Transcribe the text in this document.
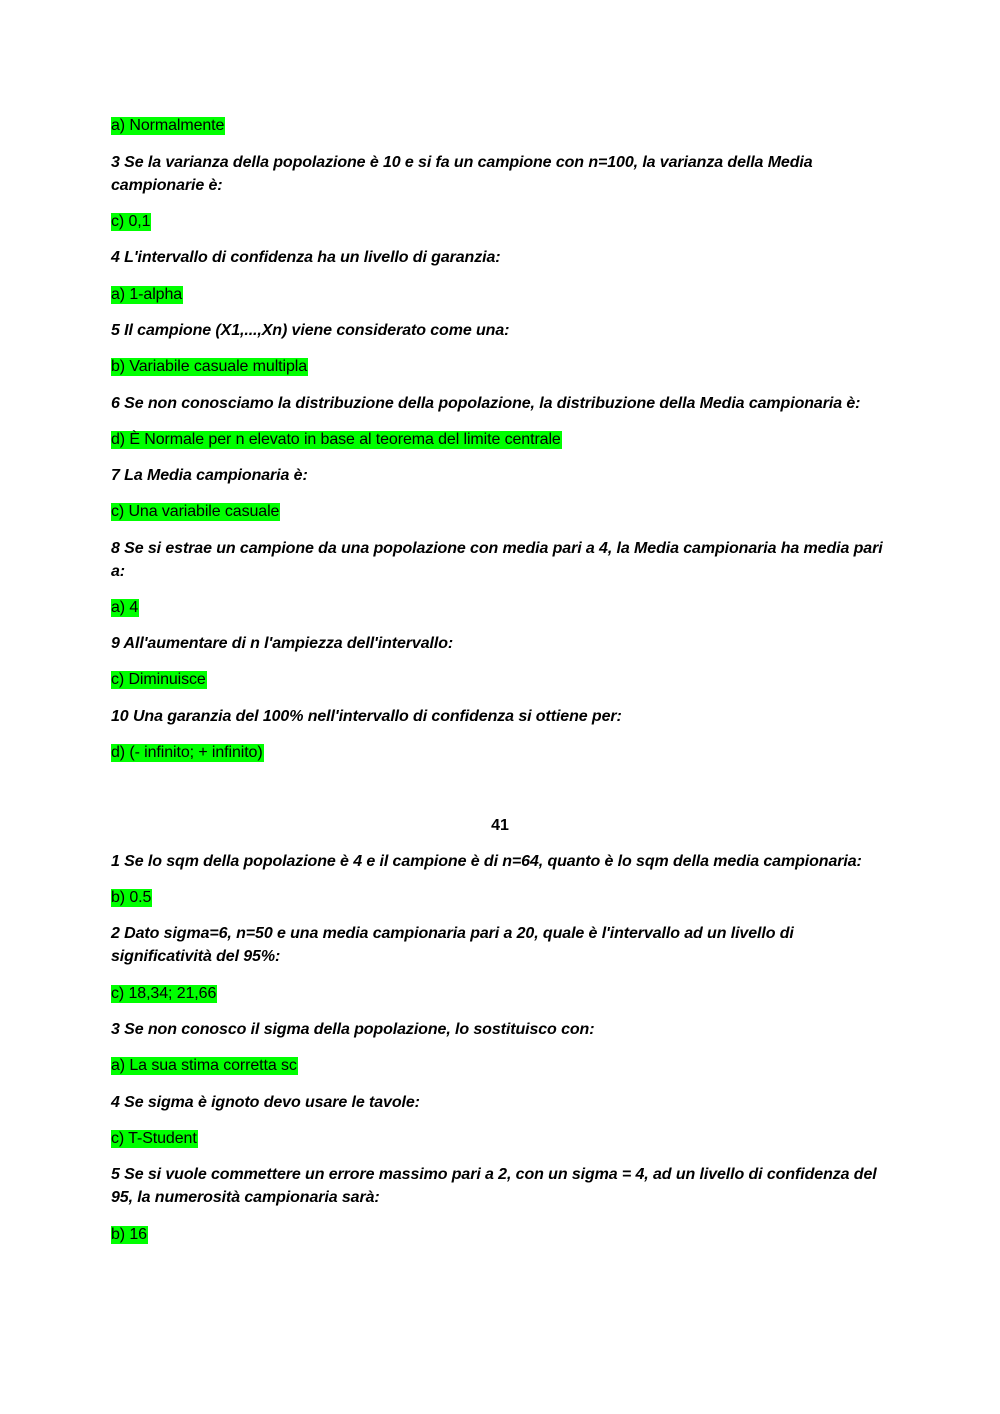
a) Normalmente
3 Se la varianza della popolazione è 10 e si fa un campione con n=100, la varianza della Media campionarie è:
c) 0,1
4 L'intervallo di confidenza ha un livello di garanzia:
a) 1-alpha
5 Il campione (X1,...,Xn) viene considerato come una:
b) Variabile casuale multipla
6 Se non conosciamo la distribuzione della popolazione, la distribuzione della Media campionaria è:
d) È Normale per n elevato in base al teorema del limite centrale
7 La Media campionaria è:
c) Una variabile casuale
8 Se si estrae un campione da una popolazione con media pari a 4, la Media campionaria ha media pari a:
a) 4
9 All'aumentare di n l'ampiezza dell'intervallo:
c) Diminuisce
10 Una garanzia del 100% nell'intervallo di confidenza si ottiene per:
d) (- infinito; + infinito)
41
1 Se lo sqm della popolazione è 4 e il campione è di n=64, quanto è lo sqm della media campionaria:
b) 0.5
2 Dato sigma=6, n=50 e una media campionaria pari a 20, quale è l'intervallo ad un livello di significatività del 95%:
c) 18,34; 21,66
3 Se non conosco il sigma della popolazione, lo sostituisco con:
a) La sua stima corretta sc
4 Se sigma è ignoto devo usare le tavole:
c) T-Student
5 Se si vuole commettere un errore massimo pari a 2, con un sigma = 4, ad un livello di confidenza del 95, la numerosità campionaria sarà:
b) 16
